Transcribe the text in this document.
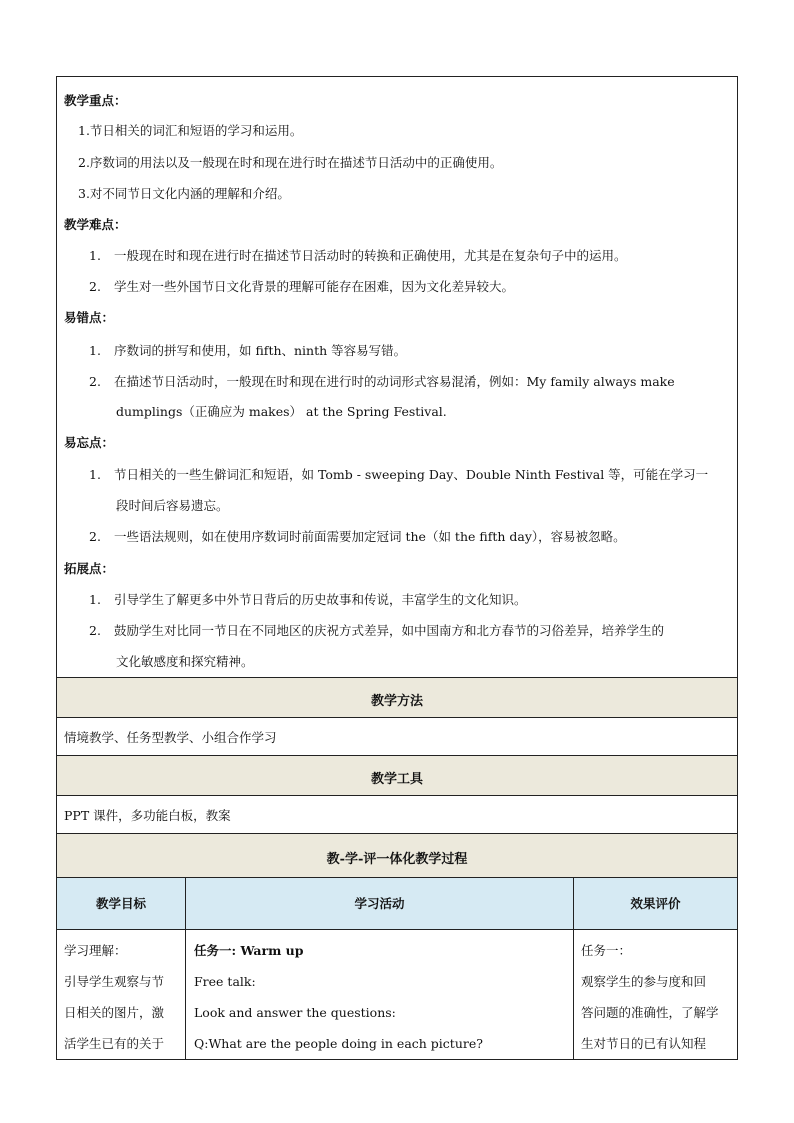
教学重点：
1.节日相关的词汇和短语的学习和运用。
2.序数词的用法以及一般现在时和现在进行时在描述节日活动中的正确使用。
3.对不同节日文化内涵的理解和介绍。
教学难点：
1. 一般现在时和现在进行时在描述节日活动时的转换和正确使用，尤其是在复杂句子中的运用。
2. 学生对一些外国节日文化背景的理解可能存在困难，因为文化差异较大。
易错点：
1. 序数词的拼写和使用，如 fifth、ninth 等容易写错。
2. 在描述节日活动时，一般现在时和现在进行时的动词形式容易混淆，例如：My family always make
dumplings（正确应为 makes） at the Spring Festival.
易忘点：
1. 节日相关的一些生僻词汇和短语，如 Tomb - sweeping Day、Double Ninth Festival 等，可能在学习一
段时间后容易遗忘。
2. 一些语法规则，如在使用序数词时前面需要加定冠词 the（如 the fifth day），容易被忽略。
拓展点：
1. 引导学生了解更多中外节日背后的历史故事和传说，丰富学生的文化知识。
2. 鼓励学生对比同一节日在不同地区的庆祝方式差异，如中国南方和北方春节的习俗差异，培养学生的
文化敏感度和探究精神。
教学方法
情境教学、任务型教学、小组合作学习
教学工具
PPT 课件，多功能白板，教案
教-学-评一体化教学过程
教学目标	学习活动	效果评价
学习理解：
引导学生观察与节
日相关的图片，激
活学生已有的关于
任务一: Warm up
Free talk:
Look and answer the questions:
Q:What are the people doing in each picture?
任务一：
观察学生的参与度和回
答问题的准确性，了解学
生对节日的已有认知程
